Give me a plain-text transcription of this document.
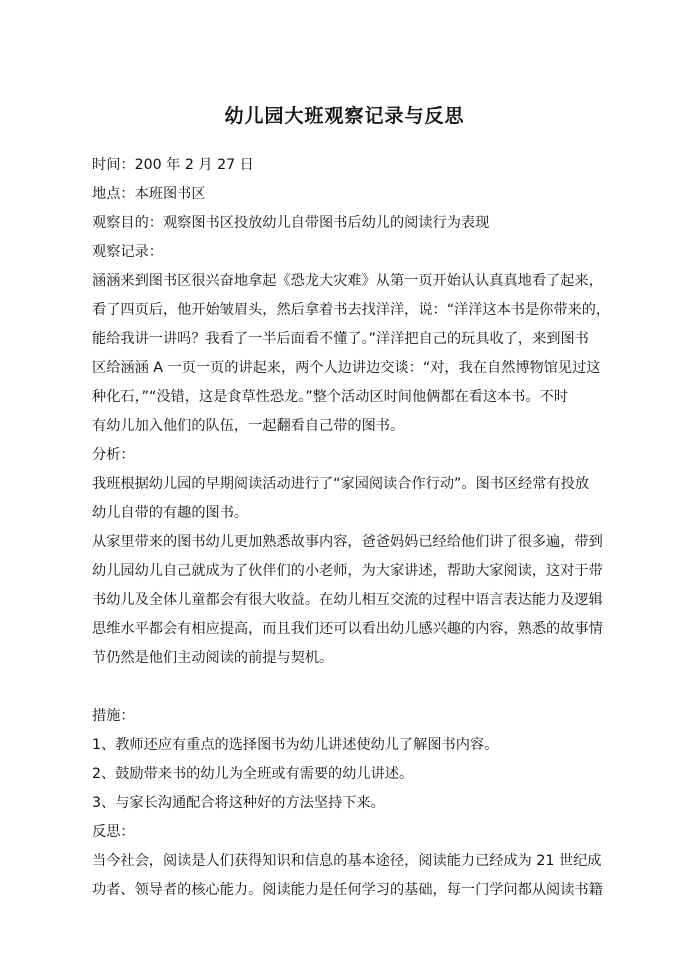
幼儿园大班观察记录与反思
时间：200 年 2 月 27 日
地点：本班图书区
观察目的：观察图书区投放幼儿自带图书后幼儿的阅读行为表现
观察记录：
涵涵来到图书区很兴奋地拿起《恐龙大灾难》从第一页开始认认真真地看了起来，
看了四页后，他开始皱眉头，然后拿着书去找洋洋，说：“洋洋这本书是你带来的，
能给我讲一讲吗？我看了一半后面看不懂了。”洋洋把自己的玩具收了，来到图书
区给涵涵 A 一页一页的讲起来，两个人边讲边交谈：“对，我在自然博物馆见过这
种化石，”“没错，这是食草性恐龙。”整个活动区时间他俩都在看这本书。不时
有幼儿加入他们的队伍，一起翻看自己带的图书。
分析：
我班根据幼儿园的早期阅读活动进行了“家园阅读合作行动”。图书区经常有投放
幼儿自带的有趣的图书。
从家里带来的图书幼儿更加熟悉故事内容，爸爸妈妈已经给他们讲了很多遍，带到
幼儿园幼儿自己就成为了伙伴们的小老师，为大家讲述，帮助大家阅读，这对于带
书幼儿及全体儿童都会有很大收益。在幼儿相互交流的过程中语言表达能力及逻辑
思维水平都会有相应提高，而且我们还可以看出幼儿感兴趣的内容，熟悉的故事情
节仍然是他们主动阅读的前提与契机。
措施：
1、教师还应有重点的选择图书为幼儿讲述使幼儿了解图书内容。
2、鼓励带来书的幼儿为全班或有需要的幼儿讲述。
3、与家长沟通配合将这种好的方法坚持下来。
反思：
当今社会，阅读是人们获得知识和信息的基本途径，阅读能力已经成为 21 世纪成
功者、领导者的核心能力。阅读能力是任何学习的基础，每一门学问都从阅读书籍
